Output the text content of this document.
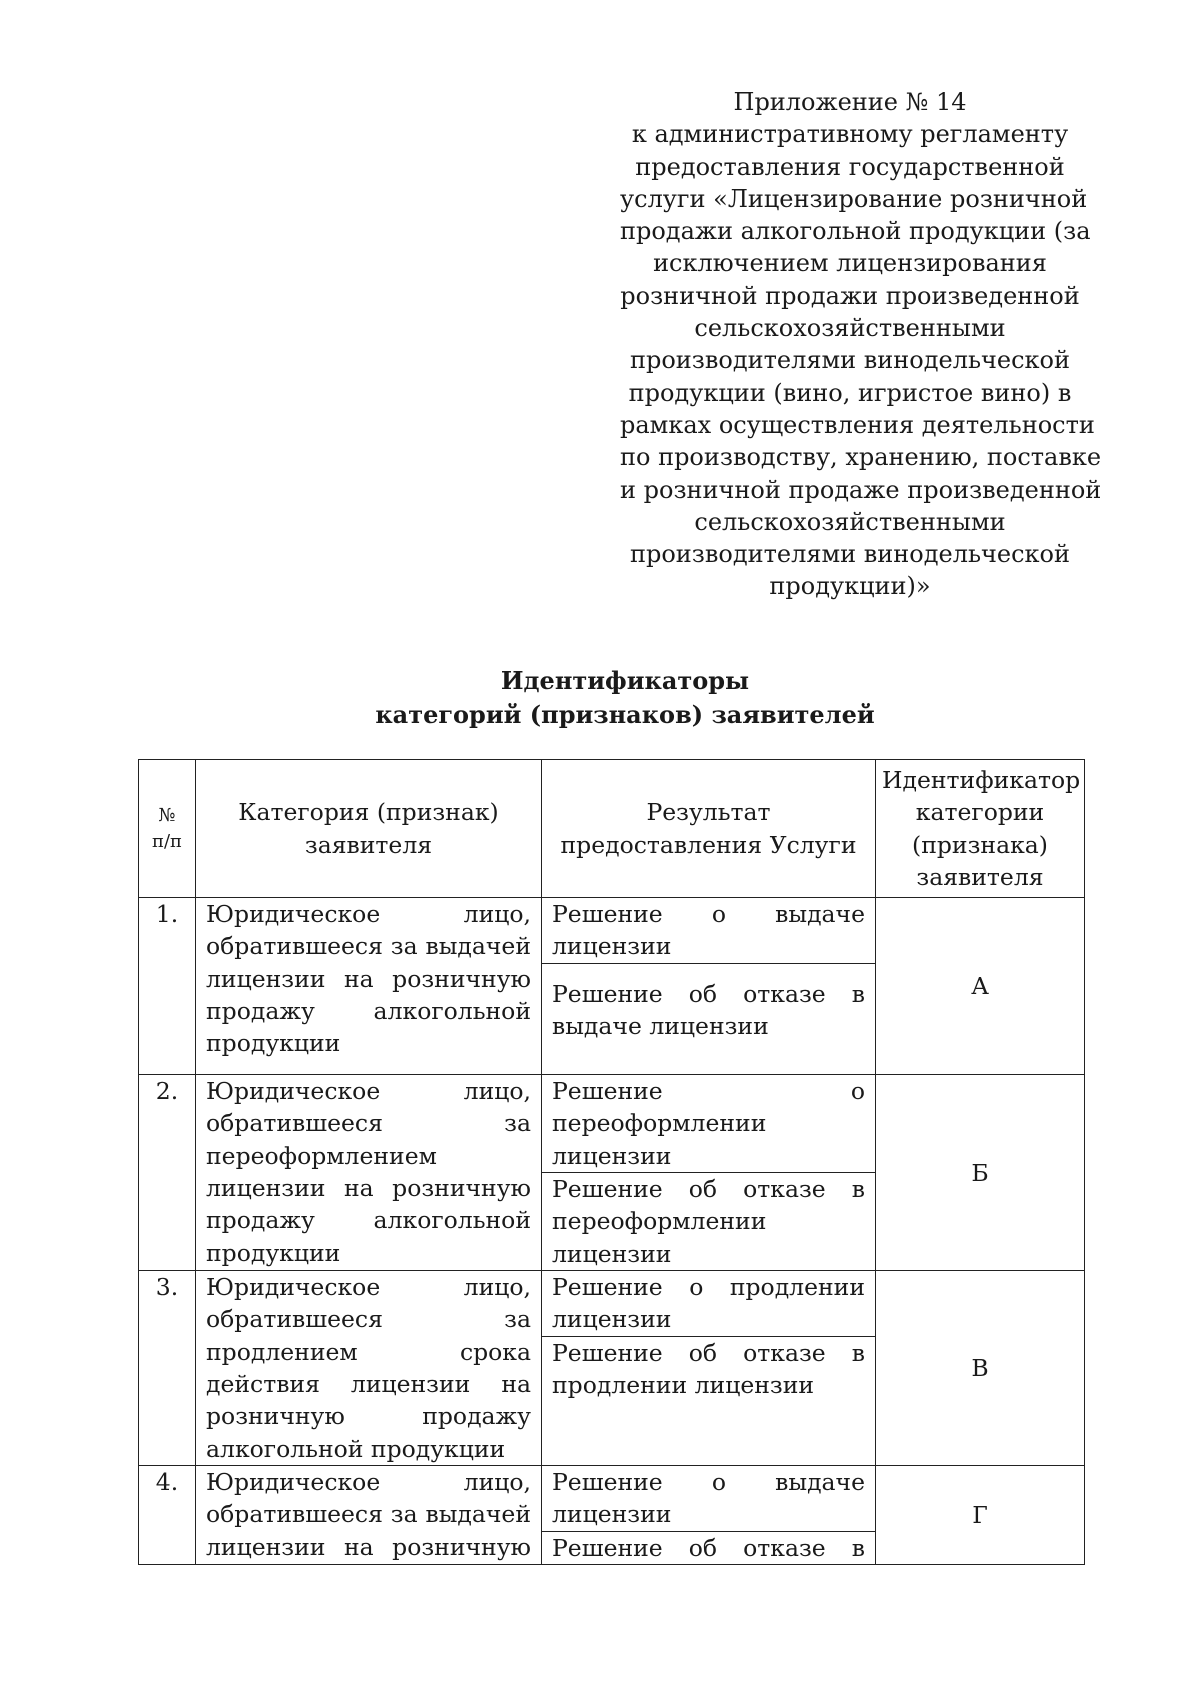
Приложение № 14
к административному регламенту
предоставления государственной
услуги «Лицензирование розничной
продажи алкогольной продукции (за
исключением лицензирования
розничной продажи произведенной
сельскохозяйственными
производителями винодельческой
продукции (вино, игристое вино) в
рамках осуществления деятельности
по производству, хранению, поставке
и розничной продаже произведенной
сельскохозяйственными
производителями винодельческой
продукции)»
Идентификаторы
категорий (признаков) заявителей
№
п/п	Категория (признак) заявителя	Результат предоставления Услуги	Идентификатор категории (признака) заявителя
1.	Юридическое лицо, обратившееся за выдачей лицензии на розничную продажу алкогольной продукции	Решение о выдаче лицензии	А
		Решение об отказе в выдаче лицензии	
2.	Юридическое лицо, обратившееся за переоформлением лицензии на розничную продажу алкогольной продукции	Решение о переоформлении лицензии	Б
		Решение об отказе в переоформлении лицензии	
3.	Юридическое лицо, обратившееся за продлением срока действия лицензии на розничную продажу алкогольной продукции	Решение о продлении лицензии	В
		Решение об отказе в продлении лицензии	
4.	Юридическое лицо, обратившееся за выдачей лицензии на розничную	Решение о выдаче лицензии	Г
		Решение об отказе в	
